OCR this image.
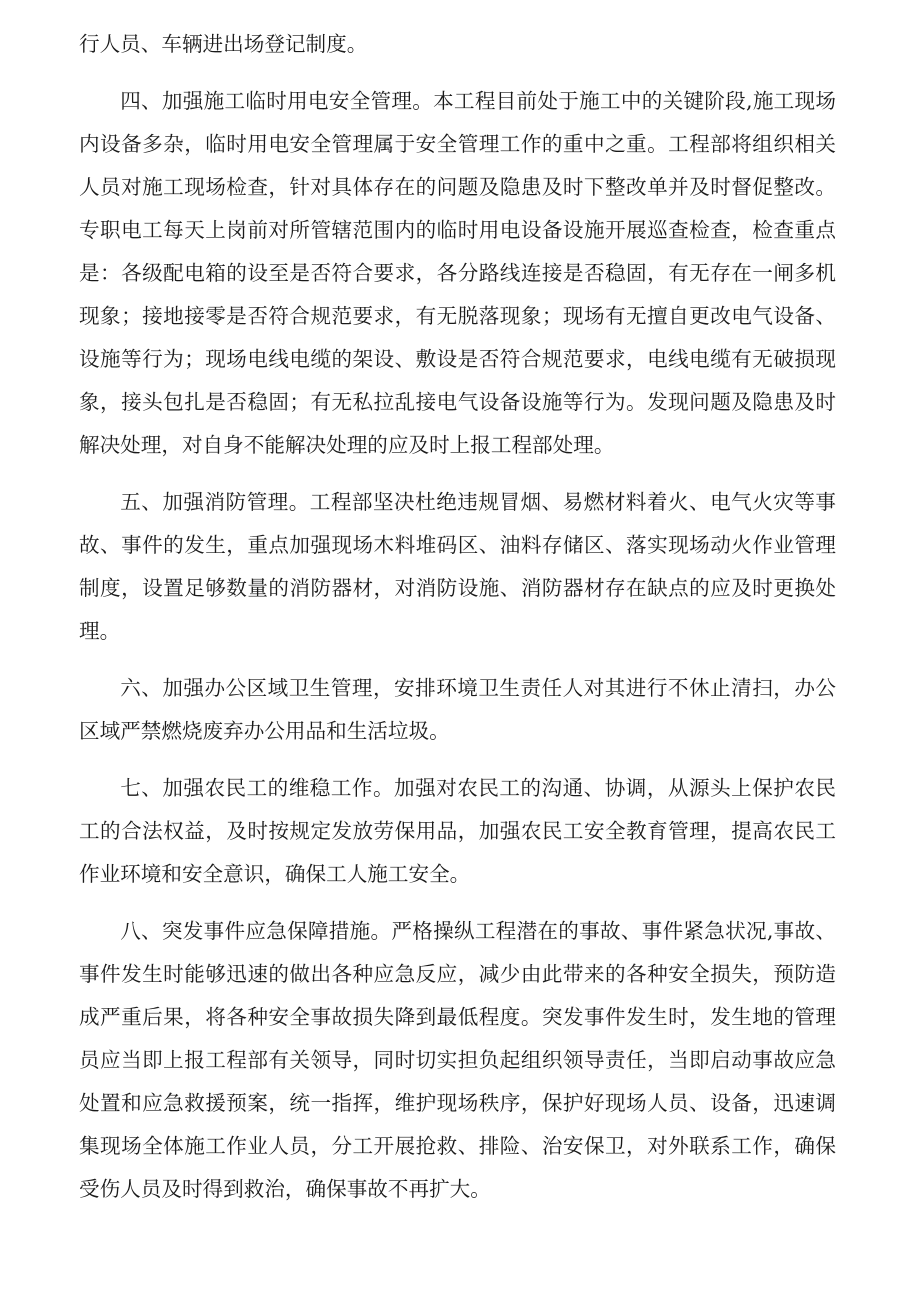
行人员、车辆进出场登记制度。

四、加强施工临时用电安全管理。本工程目前处于施工中的关键阶段,施工现场内设备多杂，临时用电安全管理属于安全管理工作的重中之重。工程部将组织相关人员对施工现场检查，针对具体存在的问题及隐患及时下整改单并及时督促整改。专职电工每天上岗前对所管辖范围内的临时用电设备设施开展巡查检查，检查重点是：各级配电箱的设至是否符合要求，各分路线连接是否稳固，有无存在一闸多机现象；接地接零是否符合规范要求，有无脱落现象；现场有无擅自更改电气设备、设施等行为；现场电线电缆的架设、敷设是否符合规范要求，电线电缆有无破损现象，接头包扎是否稳固；有无私拉乱接电气设备设施等行为。发现问题及隐患及时解决处理，对自身不能解决处理的应及时上报工程部处理。

五、加强消防管理。工程部坚决杜绝违规冒烟、易燃材料着火、电气火灾等事故、事件的发生，重点加强现场木料堆码区、油料存储区、落实现场动火作业管理制度，设置足够数量的消防器材，对消防设施、消防器材存在缺点的应及时更换处理。

六、加强办公区域卫生管理，安排环境卫生责任人对其进行不休止清扫，办公区域严禁燃烧废弃办公用品和生活垃圾。

七、加强农民工的维稳工作。加强对农民工的沟通、协调，从源头上保护农民工的合法权益，及时按规定发放劳保用品，加强农民工安全教育管理，提高农民工作业环境和安全意识，确保工人施工安全。

八、突发事件应急保障措施。严格操纵工程潜在的事故、事件紧急状况,事故、事件发生时能够迅速的做出各种应急反应，减少由此带来的各种安全损失，预防造成严重后果，将各种安全事故损失降到最低程度。突发事件发生时，发生地的管理员应当即上报工程部有关领导，同时切实担负起组织领导责任，当即启动事故应急处置和应急救援预案，统一指挥，维护现场秩序，保护好现场人员、设备，迅速调集现场全体施工作业人员，分工开展抢救、排险、治安保卫，对外联系工作，确保受伤人员及时得到救治，确保事故不再扩大。
